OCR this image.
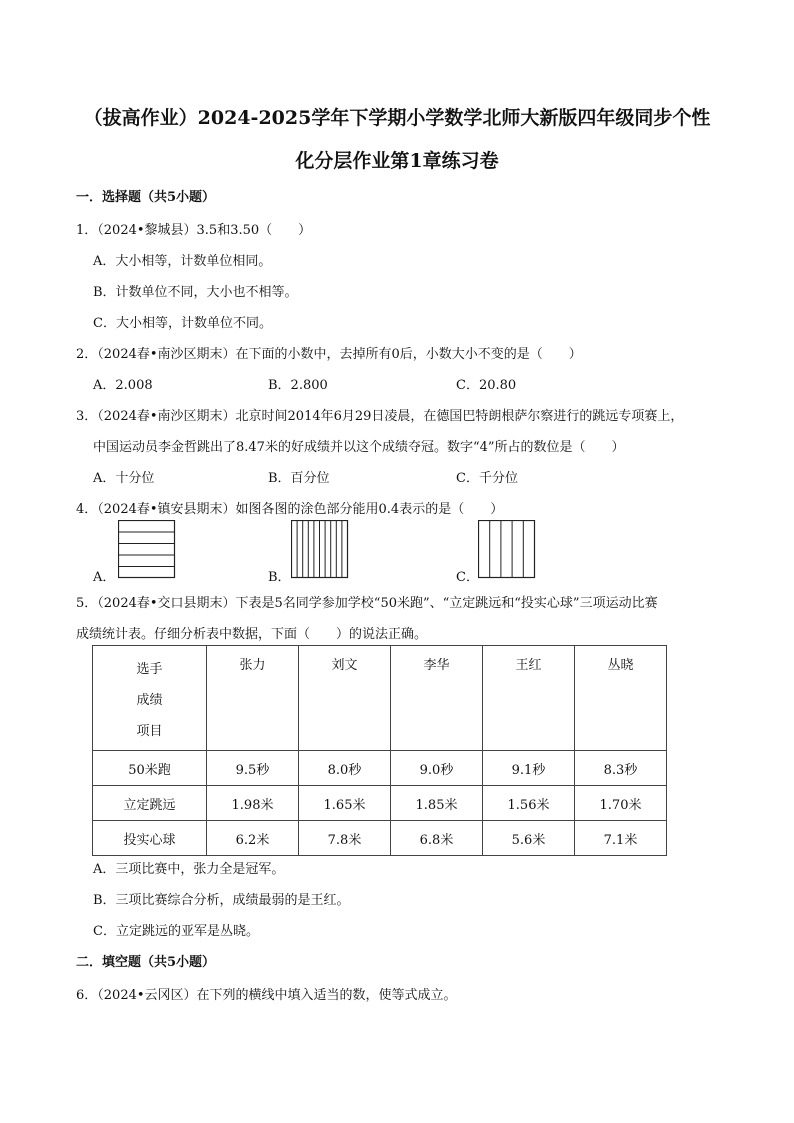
（拔高作业）2024-2025学年下学期小学数学北师大新版四年级同步个性
化分层作业第1章练习卷
一．选择题（共5小题）
1．（2024•黎城县）3.5和3.50（　　）
A．大小相等，计数单位相同。
B．计数单位不同，大小也不相等。
C．大小相等，计数单位不同。
2．（2024春•南沙区期末）在下面的小数中，去掉所有0后，小数大小不变的是（　　）
A．2.008	B．2.800	C．20.80
3．（2024春•南沙区期末）北京时间2014年6月29日凌晨，在德国巴特朗根萨尔察进行的跳远专项赛上，
中国运动员李金哲跳出了8.47米的好成绩并以这个成绩夺冠。数字“4”所占的数位是（　　）
A．十分位	B．百分位	C．千分位
4．（2024春•镇安县期末）如图各图的涂色部分能用0.4表示的是（　　）
A．	B．	C．
5．（2024春•交口县期末）下表是5名同学参加学校“50米跑”、“立定跳远和“投实心球”三项运动比赛
成绩统计表。仔细分析表中数据，下面（　　）的说法正确。
选手
成绩
项目	张力	刘文	李华	王红	丛晓
50米跑	9.5秒	8.0秒	9.0秒	9.1秒	8.3秒
立定跳远	1.98米	1.65米	1.85米	1.56米	1.70米
投实心球	6.2米	7.8米	6.8米	5.6米	7.1米
A．三项比赛中，张力全是冠军。
B．三项比赛综合分析，成绩最弱的是王红。
C．立定跳远的亚军是丛晓。
二．填空题（共5小题）
6．（2024•云冈区）在下列的横线中填入适当的数，使等式成立。
